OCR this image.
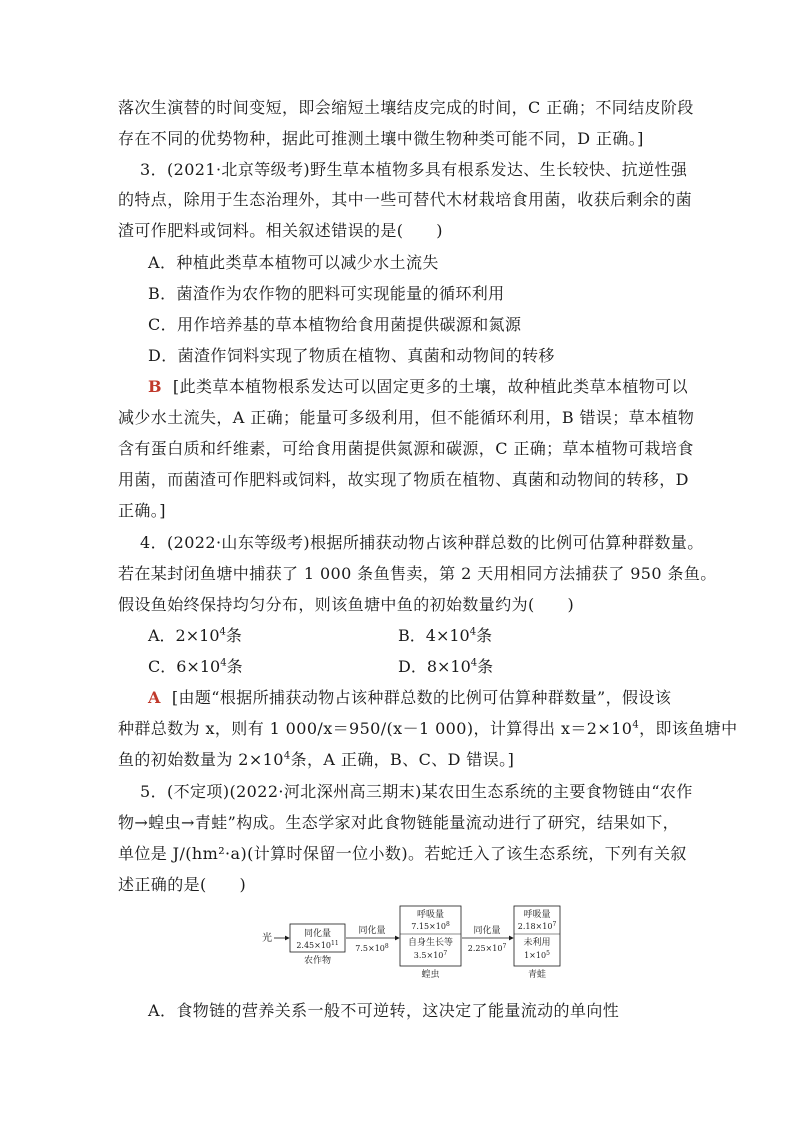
落次生演替的时间变短，即会缩短土壤结皮完成的时间，C 正确；不同结皮阶段
存在不同的优势物种，据此可推测土壤中微生物种类可能不同，D 正确。]
3．(2021·北京等级考)野生草本植物多具有根系发达、生长较快、抗逆性强
的特点，除用于生态治理外，其中一些可替代木材栽培食用菌，收获后剩余的菌
渣可作肥料或饲料。相关叙述错误的是(　　)
A．种植此类草本植物可以减少水土流失
B．菌渣作为农作物的肥料可实现能量的循环利用
C．用作培养基的草本植物给食用菌提供碳源和氮源
D．菌渣作饲料实现了物质在植物、真菌和动物间的转移
B [此类草本植物根系发达可以固定更多的土壤，故种植此类草本植物可以
减少水土流失，A 正确；能量可多级利用，但不能循环利用，B 错误；草本植物
含有蛋白质和纤维素，可给食用菌提供氮源和碳源，C 正确；草本植物可栽培食
用菌，而菌渣可作肥料或饲料，故实现了物质在植物、真菌和动物间的转移，D
正确。]
4．(2022·山东等级考)根据所捕获动物占该种群总数的比例可估算种群数量。
若在某封闭鱼塘中捕获了 1 000 条鱼售卖，第 2 天用相同方法捕获了 950 条鱼。
假设鱼始终保持均匀分布，则该鱼塘中鱼的初始数量约为(　　)
A．$2\times 10^4$条	B．$4\times 10^4$条
C．$6\times 10^4$条	D．$8\times 10^4$条
A [由题“根据所捕获动物占该种群总数的比例可估算种群数量”，假设该
种群总数为 x，则有 1 000/x＝950/(x－1 000)，计算得出 $x=2\times 10^4$，即该鱼塘中
鱼的初始数量为 $2\times 10^4$条，A 正确，B、C、D 错误。]
5．(不定项)(2022·河北深州高三期末)某农田生态系统的主要食物链由“农作
物→蝗虫→青蛙”构成。生态学家对此食物链能量流动进行了研究，结果如下，
单位是 J/(hm²·a)(计算时保留一位小数)。若蛇迁入了该生态系统，下列有关叙
述正确的是(　　)
光	同化量
$2.45\times 10^{11}$
农作物
同化量
$7.5\times 10^8$
呼吸量
$7.15\times 10^8$
自身生长等
$3.5\times 10^7$
蝗虫
同化量
$2.25\times 10^7$
呼吸量
$2.18\times 10^7$
未利用
$1\times 10^5$
青蛙
A．食物链的营养关系一般不可逆转，这决定了能量流动的单向性
